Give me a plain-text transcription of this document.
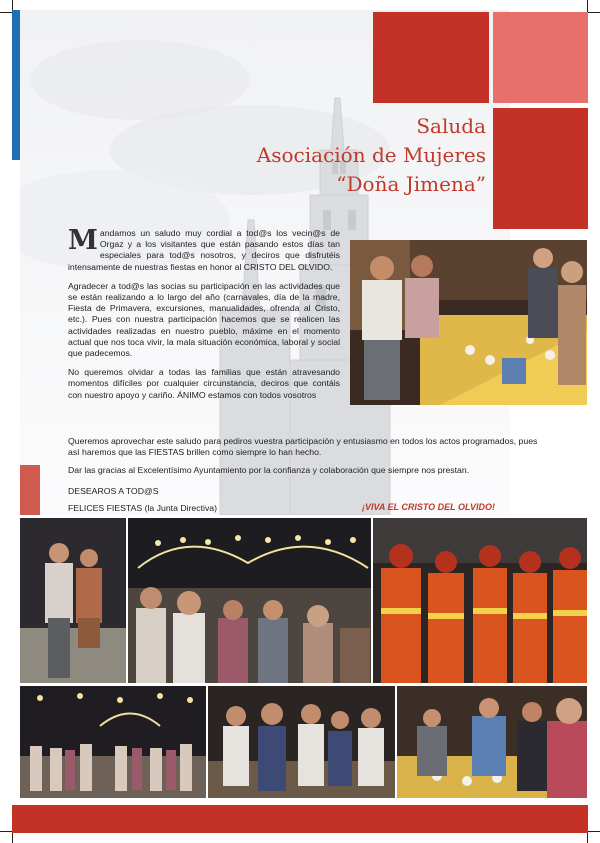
Saluda
Asociación de Mujeres
“Doña Jimena”

Mandamos un saludo muy cordial a tod@s los vecin@s de Orgaz y a los visitantes que están pasando estos días tan especiales para tod@s nosotros, y deciros que disfrutéis intensamente de nuestras fiestas en honor al CRISTO DEL OLVIDO.

Agradecer a tod@s las socias su participación en las actividades que se están realizando a lo largo del año (carnavales, día de la madre, Fiesta de Primavera, excursiones, manualidades, ofrenda al Cristo, etc.). Pues con nuestra participación hacemos que se realicen las actividades realizadas en nuestro pueblo, máxime en el momento actual que nos toca vivir, la mala situación económica, laboral y social que padecemos.

No queremos olvidar a todas las familias que están atravesando momentos difíciles por cualquier circunstancia, deciros que contáis con nuestro apoyo y cariño. ÁNIMO estamos con todos vosotros

Queremos aprovechar este saludo para pediros vuestra participación y entusiasmo en todos los actos programados, pues así haremos que las FIESTAS brillen como siempre lo han hecho.
Dar las gracias al Excelentísimo Ayuntamiento por la confianza y colaboración que siempre nos prestan.
DESEAROS A TOD@S
FELICES FIESTAS (la Junta Directiva)	¡VIVA EL CRISTO DEL OLVIDO!
